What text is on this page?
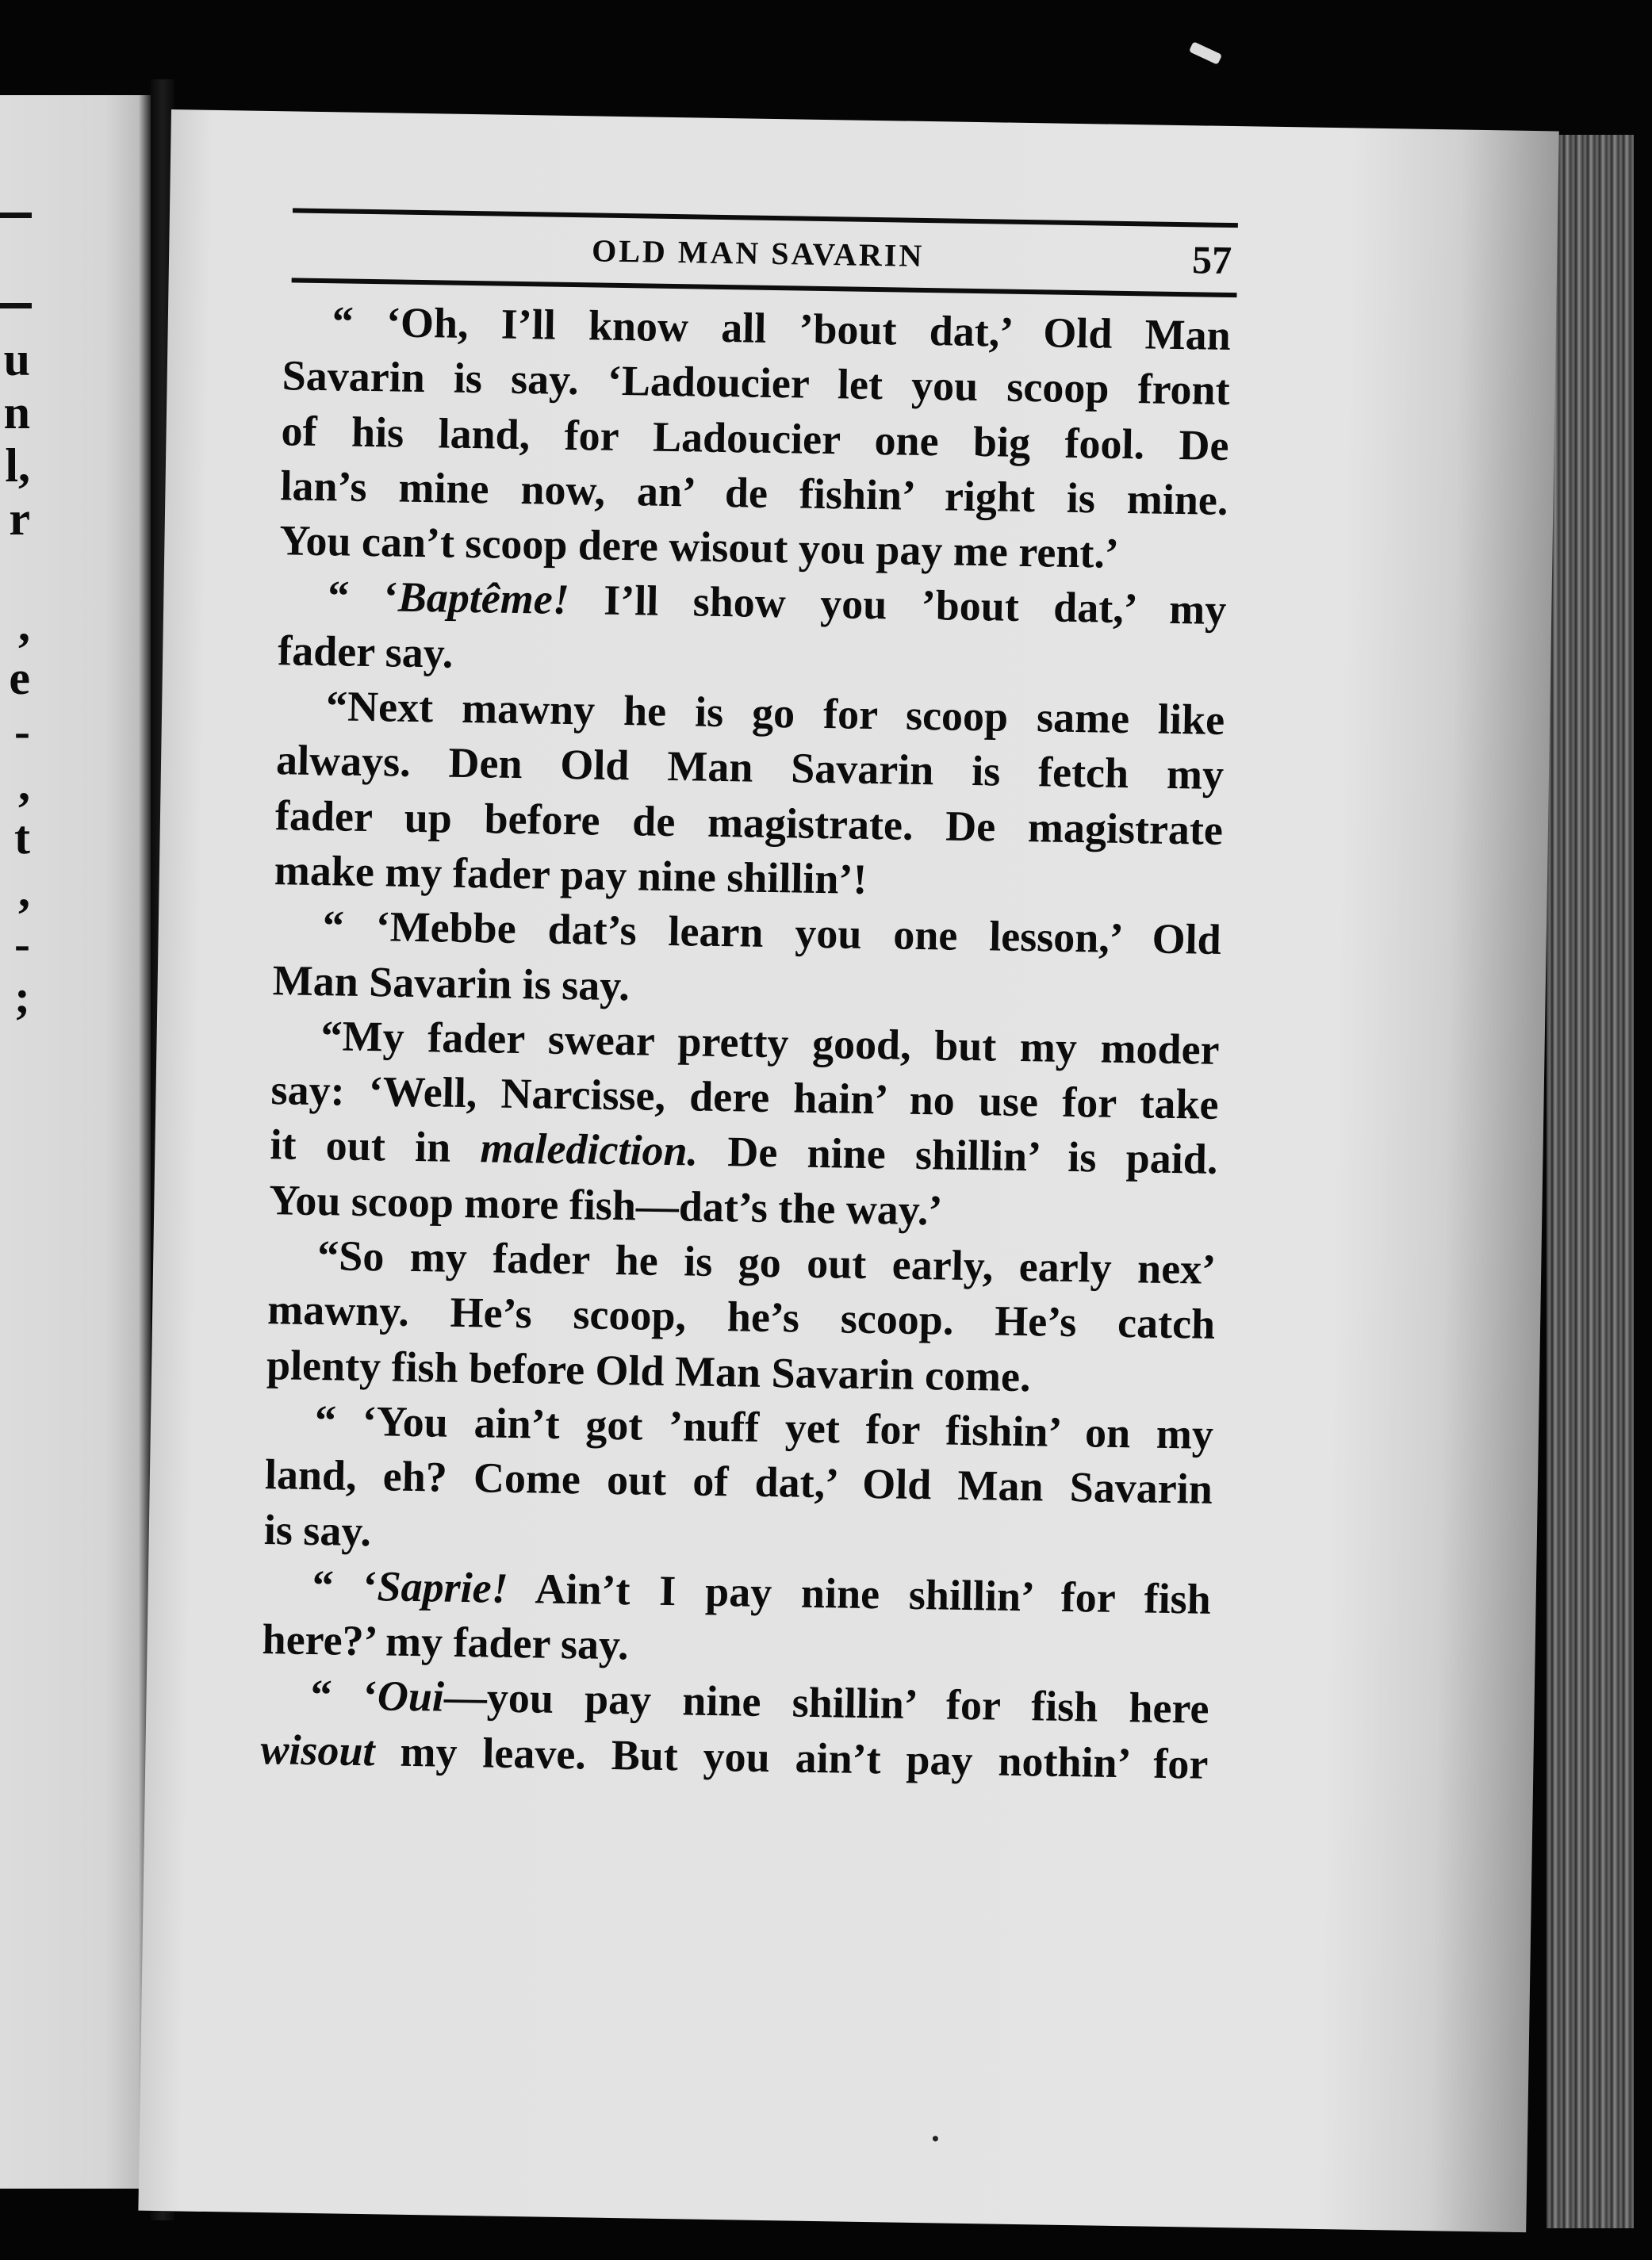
u
n
l,
r
,
e
-
,
t
,
-
;
OLD MAN SAVARIN	57
“ ‘Oh, I’ll know all ’bout dat,’ Old Man
Savarin is say. ‘Ladoucier let you scoop front
of his land, for Ladoucier one big fool. De
lan’s mine now, an’ de fishin’ right is mine.
You can’t scoop dere wisout you pay me rent.’
“ ‘Baptême! I’ll show you ’bout dat,’ my
fader say.
“Next mawny he is go for scoop same like
always. Den Old Man Savarin is fetch my
fader up before de magistrate. De magistrate
make my fader pay nine shillin’!
“ ‘Mebbe dat’s learn you one lesson,’ Old
Man Savarin is say.
“My fader swear pretty good, but my moder
say: ‘Well, Narcisse, dere hain’ no use for take
it out in malediction. De nine shillin’ is paid.
You scoop more fish—dat’s the way.’
“So my fader he is go out early, early nex’
mawny. He’s scoop, he’s scoop. He’s catch
plenty fish before Old Man Savarin come.
“ ‘You ain’t got ’nuff yet for fishin’ on my
land, eh? Come out of dat,’ Old Man Savarin
is say.
“ ‘Saprie! Ain’t I pay nine shillin’ for fish
here?’ my fader say.
“ ‘Oui—you pay nine shillin’ for fish here
wisout my leave. But you ain’t pay nothin’ for
